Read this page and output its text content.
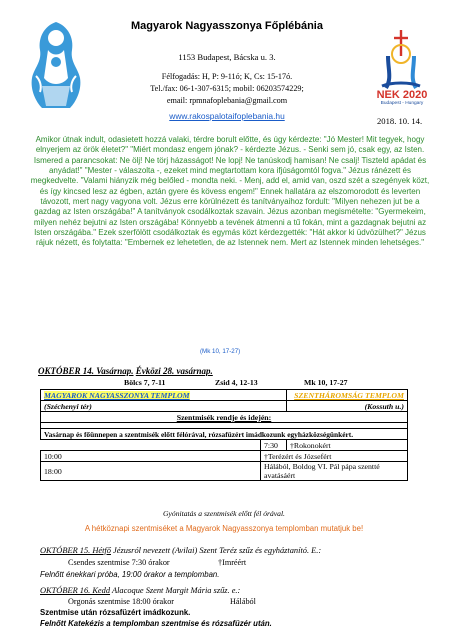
Magyarok Nagyasszonya Főplébánia
1153 Budapest, Bácska u. 3.
Félfogadás: H, P: 9-11ó; K, Cs: 15-17ó.
Tel./fax: 06-1-307-6315; mobil: 06203574229;
email: rpmnafoplebania@gmail.com
www.rakospalotaifoplebania.hu
NEK 2020
Budapest - Hungary
2018. 10. 14.
Amikor útnak indult, odasietett hozzá valaki, térdre borult előtte, és úgy kérdezte: "Jó Mester! Mit tegyek, hogy elnyerjem az örök életet?" "Miért mondasz engem jónak? - kérdezte Jézus. - Senki sem jó, csak egy, az Isten. Ismered a parancsokat: Ne ölj! Ne törj házasságot! Ne lopj! Ne tanúskodj hamisan! Ne csalj! Tiszteld apádat és anyádat!" "Mester - válaszolta -, ezeket mind megtartottam kora ifjúságomtól fogva." Jézus ránézett és megkedvelte. "Valami hiányzik még belőled - mondta neki. - Menj, add el, amid van, oszd szét a szegények közt, és így kincsed lesz az égben, aztán gyere és kövess engem!" Ennek hallatára az elszomorodott és leverten távozott, mert nagy vagyona volt. Jézus erre körülnézett és tanítványaihoz fordult: "Milyen nehezen jut be a gazdag az Isten országába!" A tanítványok csodálkoztak szavain. Jézus azonban megismételte: "Gyermekeim, milyen nehéz bejutni az Isten országába! Könnyebb a tevének átmenni a tű fokán, mint a gazdagnak bejutni az Isten országába." Ezek szerfölött csodálkoztak és egymás közt kérdezgették: "Hát akkor ki üdvözülhet?" Jézus rájuk nézett, és folytatta: "Embernek ez lehetetlen, de az Istennek nem. Mert az Istennek minden lehetséges."
(Mk 10, 17-27)
OKTÓBER 14. Vasárnap. Évközi 28. vasárnap.
Bölcs 7, 7-11	Zsid 4, 12-13	Mk 10, 17-27
MAGYAROK NAGYASSZONYA TEMPLOM		SZENTHÁROMSÁG TEMPLOM
(Széchenyi tér)		(Kossuth u.)
Szentmisék rendje és idején:		

Vasárnap és főünnepen a szentmisék előtt félórával, rózsafüzért imádkozunk egyházközségünkért.		
	7:30	†Rokonokért
10:00	†Terézért és Józsefért	
18:00	Hálából, Boldog VI. Pál pápa szentté avatásáért	
Gyónitatás a szentmisék előtt fél órával.
A hétköznapi szentmiséket a Magyarok Nagyasszonya templomban mutatjuk be!
OKTÓBER 15. Hétfő Jézusról nevezett (Avilai) Szent Teréz szűz és egyháztanító. E.:
Csendes szentmise 7:30 órakor	†Imréért
Felnőtt énekkari próba, 19:00 órakor a templomban.
OKTÓBER 16. Kedd Alacoque Szent Margit Mária szűz. e.:
Orgonás szentmise 18:00 órakor	Hálából
Szentmise után rózsafüzért imádkozunk.
Felnőtt Katekézis a templomban szentmise és rózsafüzér után.
